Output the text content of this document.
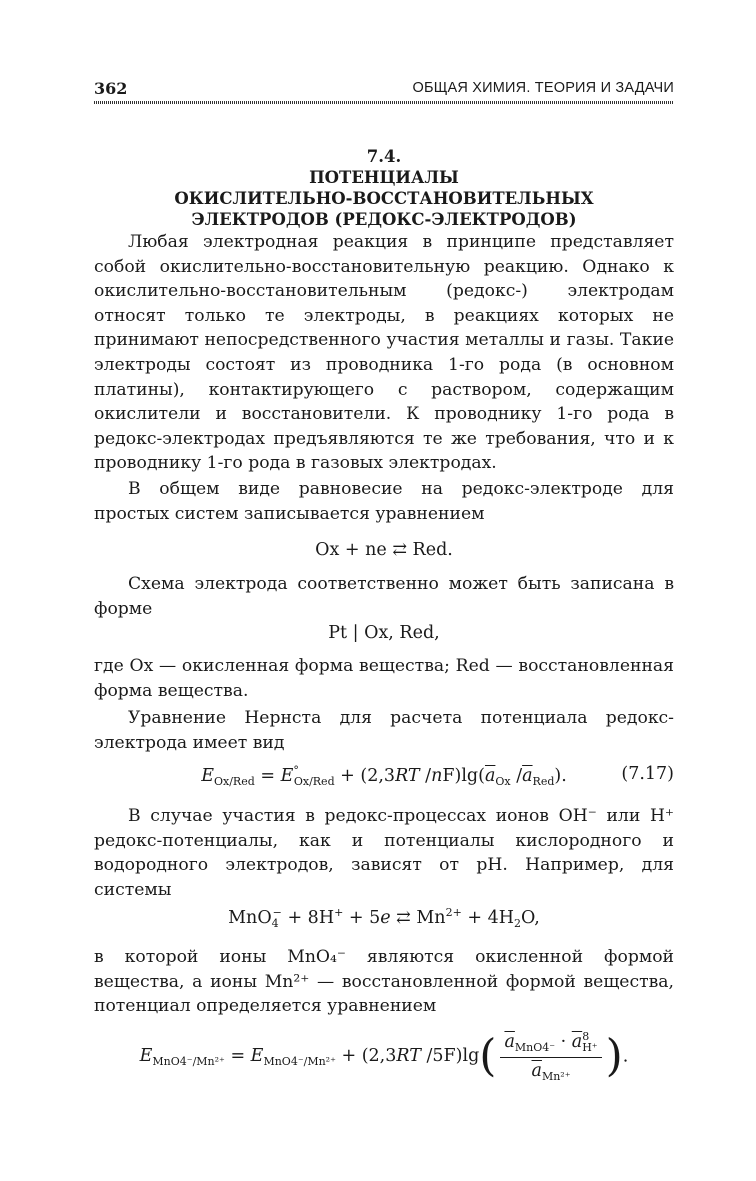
362	ОБЩАЯ ХИМИЯ. ТЕОРИЯ И ЗАДАЧИ
7.4.
ПОТЕНЦИАЛЫ
ОКИСЛИТЕЛЬНО-ВОССТАНОВИТЕЛЬНЫХ
ЭЛЕКТРОДОВ (РЕДОКС-ЭЛЕКТРОДОВ)

Любая электродная реакция в принципе представляет собой окислительно-восстановительную реакцию. Однако к окислительно-восстановительным (редокс-) электродам относят только те электроды, в реакциях которых не принимают непосредственного участия металлы и газы. Такие электроды состоят из проводника 1-го рода (в основном платины), контактирующего с раствором, содержащим окислители и восстановители. К проводнику 1-го рода в редокс-электродах предъявляются те же требования, что и к проводнику 1-го рода в газовых электродах.

В общем виде равновесие на редокс-электроде для простых систем записывается уравнением

Ox + ne ⇄ Red.

Схема электрода соответственно может быть записана в форме

Pt | Ox, Red,

где Ox — окисленная форма вещества; Red — восстановленная форма вещества.

Уравнение Нернста для расчета потенциала редокс-электрода имеет вид

$E_{Ox/Red} = E^\circ_{Ox/Red} + (2,3RT$ $/nF)\lg(\overline{a}_{Ox}$ $/\overline{a}_{Red}$).	(7.17)

В случае участия в редокс-процессах ионов OH⁻ или H⁺ редокс-потенциалы, как и потенциалы кислородного и водородного электродов, зависят от pH. Например, для системы

MnO$_4$− + 8H+ + 5e ⇄ $Mn^{2+} + 4H_2O$,

в которой ионы MnO₄⁻ являются окисленной формой вещества, а ионы Mn²⁺ — восстановленной формой вещества, потенциал определяется уравнением

$E_{MnO4^-/Mn^{2+}} = E_{MnO4^-/Mn^{2+}} + (2,3RT$ $/5F)\lg( \frac{\overline{a}_{MnO4^-} \cdot \overline{a}^8_{H^+}}{\overline{a}_{Mn^{2+}}}$ ).
